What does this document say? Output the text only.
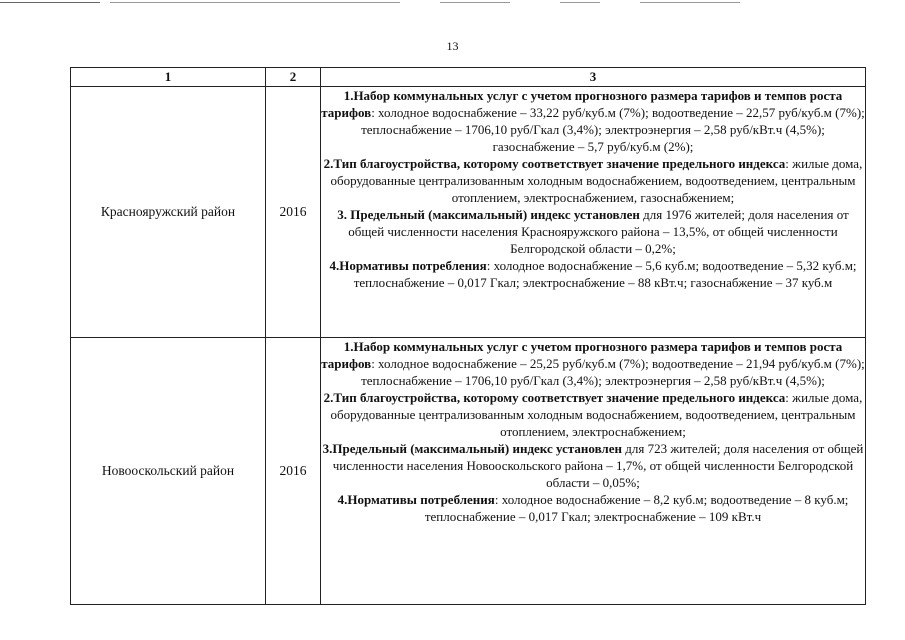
13
1	2	3
Краснояружский район	2016	1.Набор коммунальных услуг с учетом прогнозного размера тарифов и темпов роста тарифов: холодное водоснабжение – 33,22 руб/куб.м (7%); водоотведение – 22,57 руб/куб.м (7%); теплоснабжение – 1706,10 руб/Гкал (3,4%); электроэнергия – 2,58 руб/кВт.ч (4,5%); газоснабжение – 5,7 руб/куб.м (2%);

2.Тип благоустройства, которому соответствует значение предельного индекса: жилые дома, оборудованные централизованным холодным водоснабжением, водоотведением, центральным отоплением, электроснабжением, газоснабжением;

3. Предельный (максимальный) индекс установлен для 1976 жителей; доля населения от общей численности населения Краснояружского района – 13,5%, от общей численности Белгородской области – 0,2%;

4.Нормативы потребления: холодное водоснабжение – 5,6 куб.м; водоотведение – 5,32 куб.м; теплоснабжение – 0,017 Гкал; электроснабжение – 88 кВт.ч; газоснабжение – 37 куб.м

Новооскольский район	2016	1.Набор коммунальных услуг с учетом прогнозного размера тарифов и темпов роста тарифов: холодное водоснабжение – 25,25 руб/куб.м (7%); водоотведение – 21,94 руб/куб.м (7%); теплоснабжение – 1706,10 руб/Гкал (3,4%); электроэнергия – 2,58 руб/кВт.ч (4,5%);

2.Тип благоустройства, которому соответствует значение предельного индекса: жилые дома, оборудованные централизованным холодным водоснабжением, водоотведением, центральным отоплением, электроснабжением;

3.Предельный (максимальный) индекс установлен для 723 жителей; доля населения от общей численности населения Новооскольского района – 1,7%, от общей численности Белгородской области – 0,05%;

4.Нормативы потребления: холодное водоснабжение – 8,2 куб.м; водоотведение – 8 куб.м; теплоснабжение – 0,017 Гкал; электроснабжение – 109 кВт.ч
